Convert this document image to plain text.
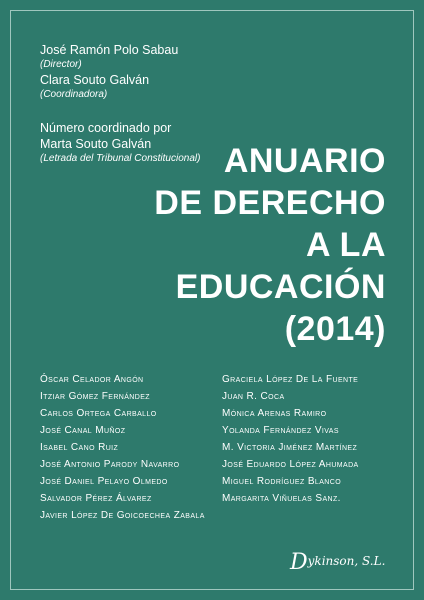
José Ramón Polo Sabau
(Director)
Clara Souto Galván
(Coordinadora)
Número coordinado por
Marta Souto Galván
(Letrada del Tribunal Constitucional) ANUARIO
DE DERECHO
A LA
EDUCACIÓN
(2014)
Óscar Celador Angón
Itziar Gómez Fernández
Carlos Ortega Carballo
José Canal Muñoz
Isabel Cano Ruiz
José Antonio Parody Navarro
José Daniel Pelayo Olmedo
Salvador Pérez Álvarez
Javier López De Goicoechea Zabala
Graciela López De La Fuente
Juan R. Coca
Mónica Arenas Ramiro
Yolanda Fernández Vivas
M. Victoria Jiménez Martínez
José Eduardo López Ahumada
Miguel Rodríguez Blanco
Margarita Viñuelas Sanz.
Dykinson, S.L.
